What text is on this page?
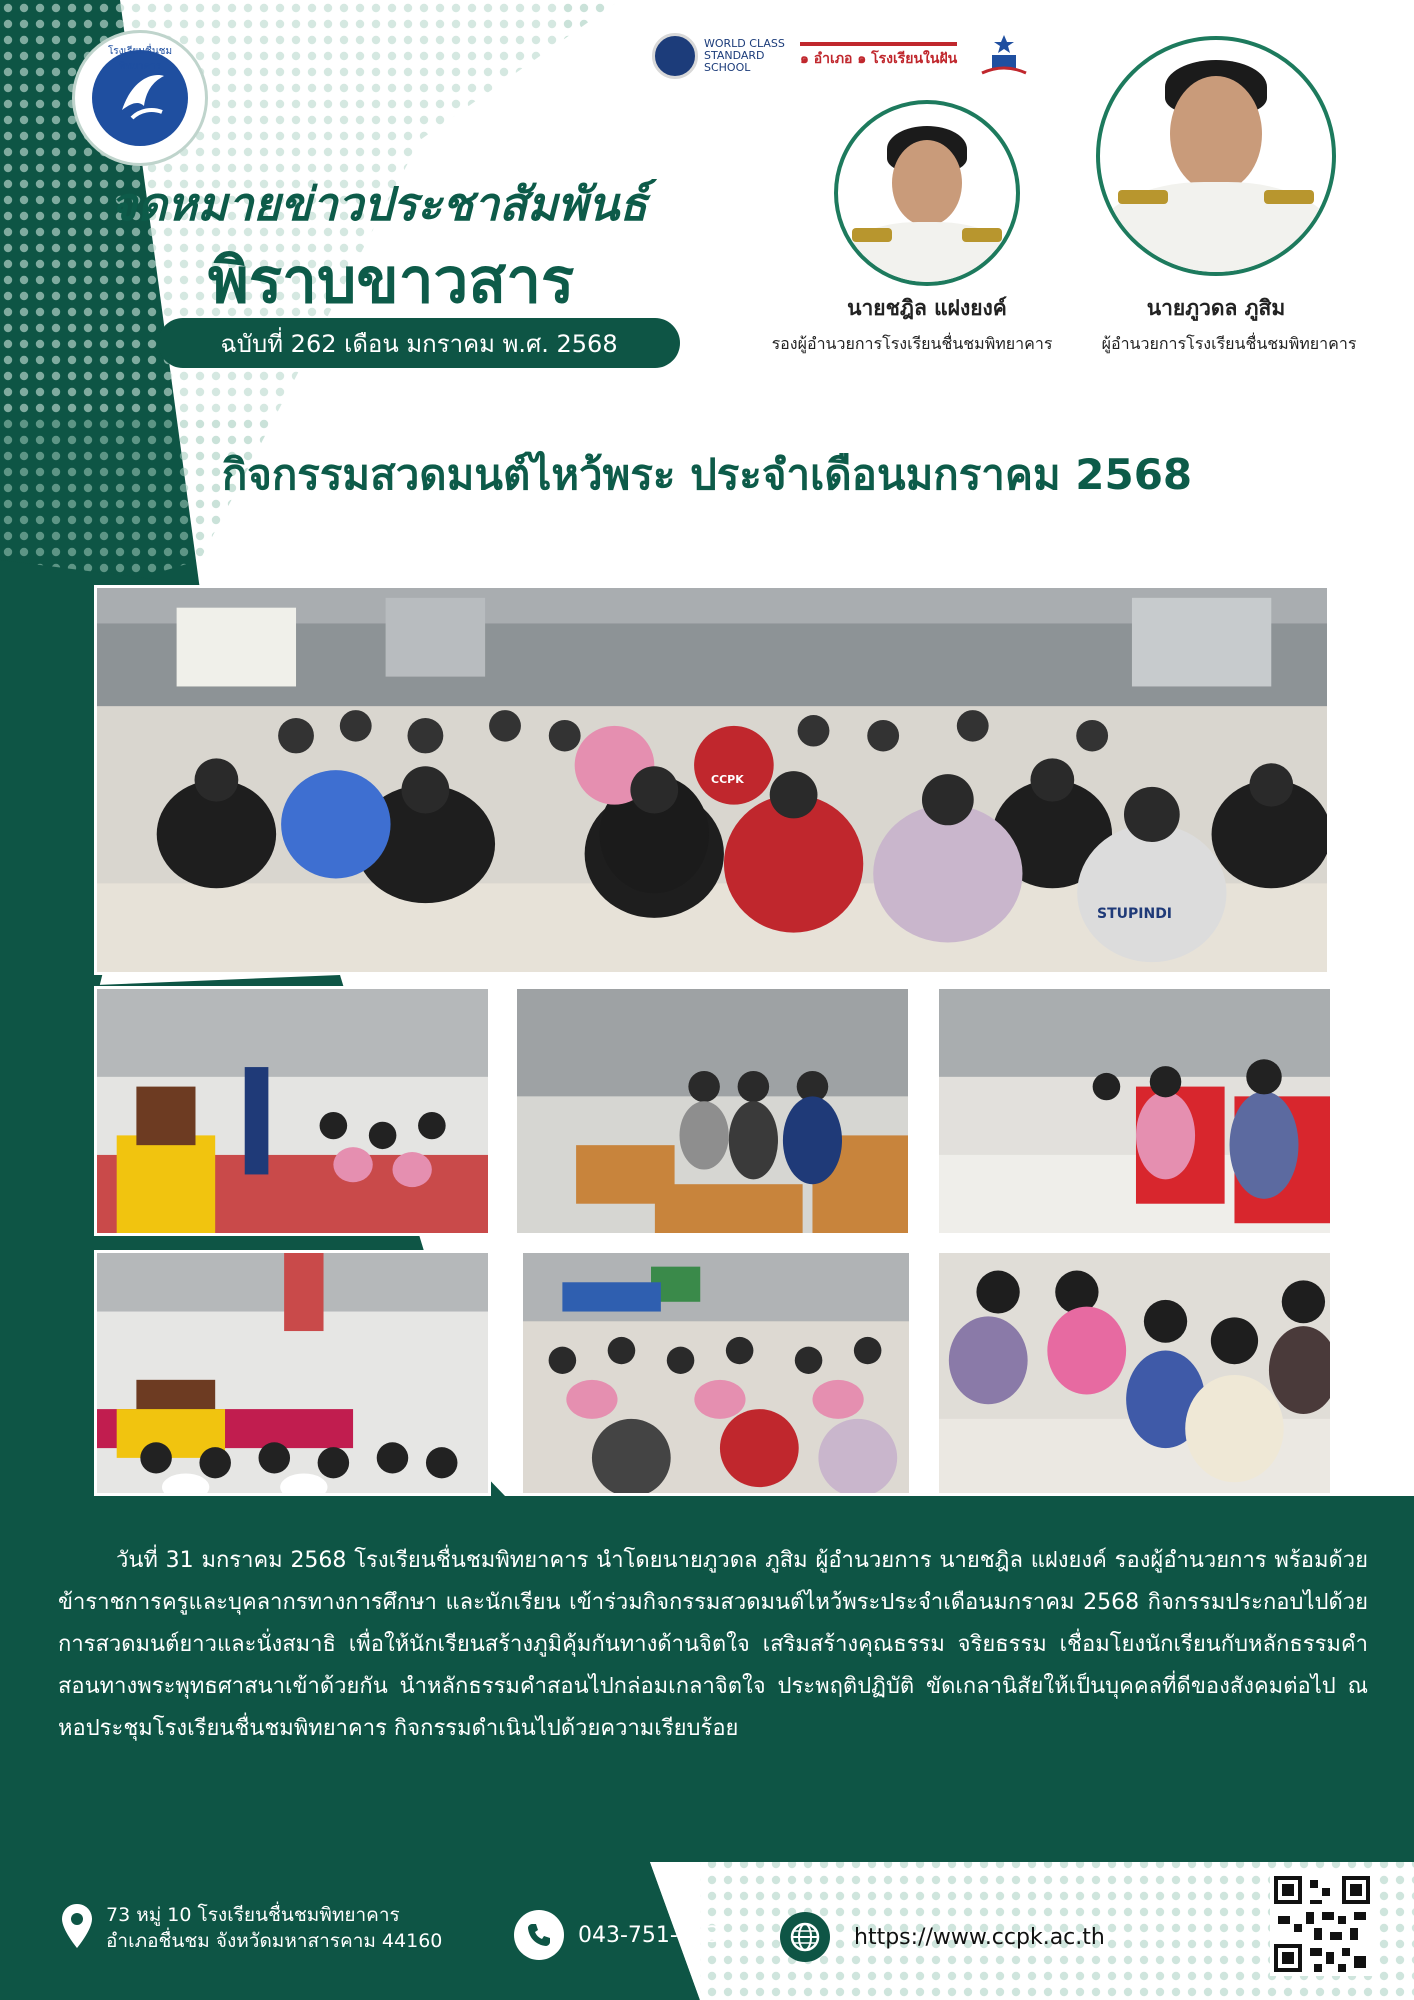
โรงเรียนชื่นชมพิทยาคาร
จดหมายข่าวประชาสัมพันธ์
พิราบขาวสาร
ฉบับที่ 262 เดือน มกราคม พ.ศ. 2568
WORLD CLASS STANDARD SCHOOL
๑ อำเภอ ๑ โรงเรียนในฝัน
นายชฎิล แฝงยงค์
รองผู้อำนวยการโรงเรียนชื่นชมพิทยาคาร
นายภูวดล ภูสิม
ผู้อำนวยการโรงเรียนชื่นชมพิทยาคาร
กิจกรรมสวดมนต์ไหว้พระ ประจำเดือนมกราคม 2568
CCPK
STUPINDI
วันที่ 31 มกราคม 2568 โรงเรียนชื่นชมพิทยาคาร นำโดยนายภูวดล ภูสิม ผู้อำนวยการ นายชฎิล แฝงยงค์ รองผู้อำนวยการ พร้อมด้วยข้าราชการครูและบุคลากรทางการศึกษา และนักเรียน เข้าร่วมกิจกรรมสวดมนต์ไหว้พระประจำเดือนมกราคม 2568 กิจกรรมประกอบไปด้วย การสวดมนต์ยาวและนั่งสมาธิ เพื่อให้นักเรียนสร้างภูมิคุ้มกันทางด้านจิตใจ เสริมสร้างคุณธรรม จริยธรรม เชื่อมโยงนักเรียนกับหลักธรรมคำสอนทางพระพุทธศาสนาเข้าด้วยกัน นำหลักธรรมคำสอนไปกล่อมเกลาจิตใจ ประพฤติปฏิบัติ ขัดเกลานิสัยให้เป็นบุคคลที่ดีของสังคมต่อไป ณ หอประชุมโรงเรียนชื่นชมพิทยาคาร กิจกรรมดำเนินไปด้วยความเรียบร้อย
73 หมู่ 10 โรงเรียนชื่นชมพิทยาคาร
อำเภอชื่นชม จังหวัดมหาสารคาม 44160	043-751-173	https://www.ccpk.ac.th
